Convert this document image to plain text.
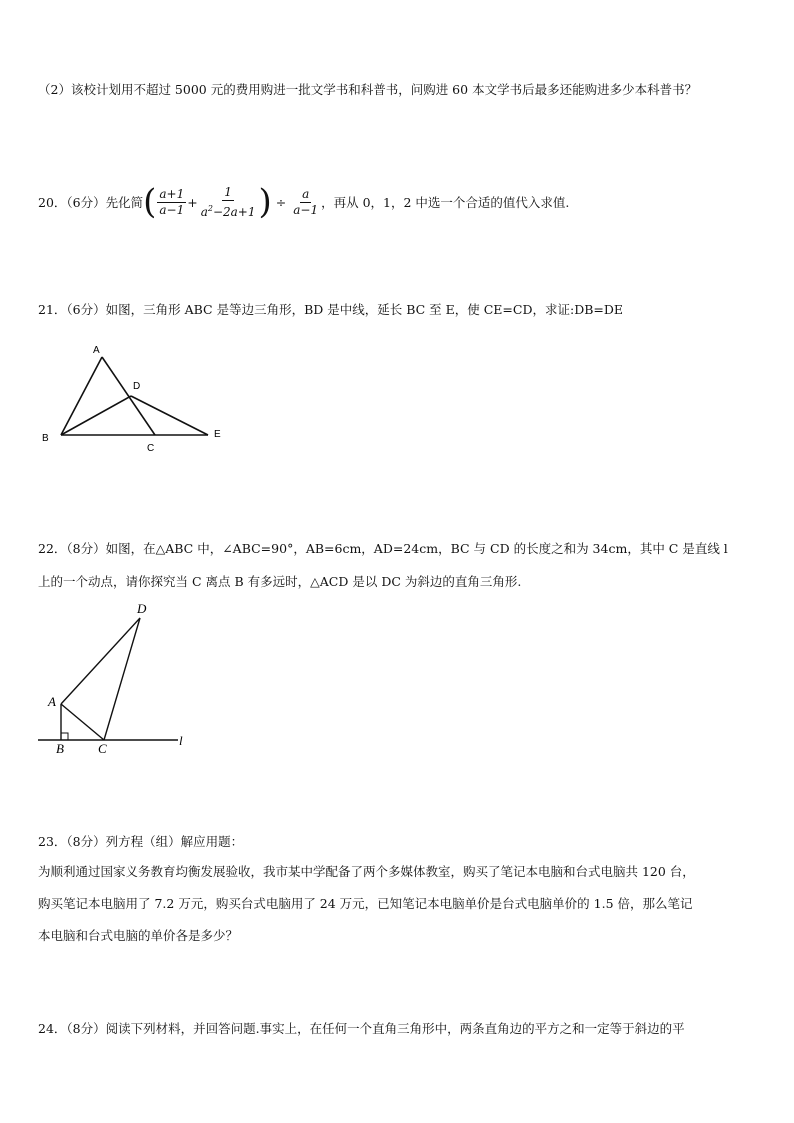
（2）该校计划用不超过 5000 元的费用购进一批文学书和科普书，问购进 60 本文学书后最多还能购进多少本科普书？
20．（6分）先化简 ( $\frac{a+1}{a-1} + \frac{1}{a^2-2a+1}$ ) ÷ $\frac{a}{a-1}$ ，再从 0，1，2 中选一个合适的值代入求值.
21．（6分）如图，三角形 ABC 是等边三角形，BD 是中线，延长 BC 至 E，使 CE=CD，求证:DB=DE
A
D
B
C
E
22．（8分）如图，在△ABC 中，∠ABC=90°，AB=6cm，AD=24cm，BC 与 CD 的长度之和为 34cm，其中 C 是直线 l
上的一个动点，请你探究当 C 离点 B 有多远时，△ACD 是以 DC 为斜边的直角三角形.
D
A
B	C
l
23．（8分）列方程（组）解应用题：
为顺利通过国家义务教育均衡发展验收，我市某中学配备了两个多媒体教室，购买了笔记本电脑和台式电脑共 120 台，
购买笔记本电脑用了 7.2 万元，购买台式电脑用了 24 万元，已知笔记本电脑单价是台式电脑单价的 1.5 倍，那么笔记
本电脑和台式电脑的单价各是多少？
24．（8分）阅读下列材料，并回答问题.事实上，在任何一个直角三角形中，两条直角边的平方之和一定等于斜边的平
